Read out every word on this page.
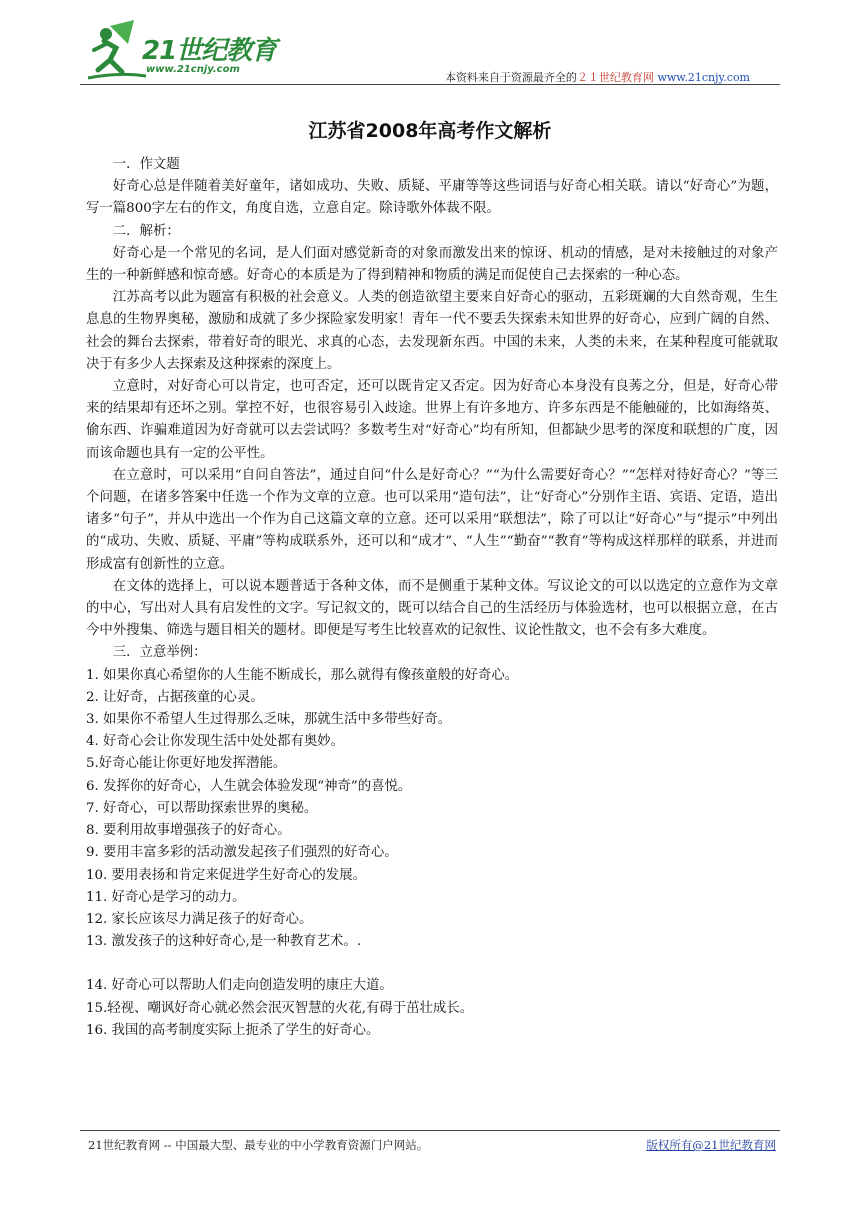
21世纪教育
www.21cnjy.com
本资料来自于资源最齐全的２１世纪教育网 www.21cnjy.com
江苏省2008年高考作文解析

一．作文题

好奇心总是伴随着美好童年，诸如成功、失败、质疑、平庸等等这些词语与好奇心相关联。请以“好奇心”为题，写一篇800字左右的作文，角度自选，立意自定。除诗歌外体裁不限。

二．解析：

好奇心是一个常见的名词，是人们面对感觉新奇的对象而激发出来的惊讶、机动的情感，是对未接触过的对象产生的一种新鲜感和惊奇感。好奇心的本质是为了得到精神和物质的满足而促使自己去探索的一种心态。

江苏高考以此为题富有积极的社会意义。人类的创造欲望主要来自好奇心的驱动，五彩斑斓的大自然奇观，生生息息的生物界奥秘，激励和成就了多少探险家发明家！青年一代不要丢失探索未知世界的好奇心，应到广阔的自然、社会的舞台去探索，带着好奇的眼光、求真的心态，去发现新东西。中国的未来，人类的未来，在某种程度可能就取决于有多少人去探索及这种探索的深度上。

立意时，对好奇心可以肯定，也可否定，还可以既肯定又否定。因为好奇心本身没有良莠之分，但是，好奇心带来的结果却有还坏之别。掌控不好，也很容易引入歧途。世界上有许多地方、许多东西是不能触碰的，比如海络英、偷东西、诈骗难道因为好奇就可以去尝试吗？多数考生对“好奇心”均有所知，但都缺少思考的深度和联想的广度，因而该命题也具有一定的公平性。

在立意时，可以采用“自问自答法”，通过自问“什么是好奇心？”“为什么需要好奇心？”“怎样对待好奇心？”等三个问题，在诸多答案中任选一个作为文章的立意。也可以采用“造句法”，让“好奇心”分别作主语、宾语、定语，造出诸多“句子”，并从中选出一个作为自己这篇文章的立意。还可以采用“联想法”，除了可以让“好奇心”与“提示”中列出的“成功、失败、质疑、平庸”等构成联系外，还可以和“成才”、“人生”“勤奋”“教育”等构成这样那样的联系，并进而形成富有创新性的立意。

在文体的选择上，可以说本题普适于各种文体，而不是侧重于某种文体。写议论文的可以以选定的立意作为文章的中心，写出对人具有启发性的文字。写记叙文的，既可以结合自己的生活经历与体验选材，也可以根据立意，在古今中外搜集、筛选与题目相关的题材。即便是写考生比较喜欢的记叙性、议论性散文，也不会有多大难度。

三．立意举例：

1. 如果你真心希望你的人生能不断成长，那么就得有像孩童般的好奇心。

2. 让好奇，占据孩童的心灵。

3. 如果你不希望人生过得那么乏味，那就生活中多带些好奇。

4. 好奇心会让你发现生活中处处都有奥妙。

5.好奇心能让你更好地发挥潜能。

6. 发挥你的好奇心，人生就会体验发现“神奇”的喜悦。

7. 好奇心，可以帮助探索世界的奥秘。

8. 要利用故事增强孩子的好奇心。

9. 要用丰富多彩的活动激发起孩子们强烈的好奇心。

10. 要用表扬和肯定来促进学生好奇心的发展。

11. 好奇心是学习的动力。

12. 家长应该尽力满足孩子的好奇心。

13. 激发孩子的这种好奇心,是一种教育艺术。.

14. 好奇心可以帮助人们走向创造发明的康庄大道。

15.轻视、嘲讽好奇心就必然会泯灭智慧的火花,有碍于茁壮成长。

16. 我国的高考制度实际上扼杀了学生的好奇心。

21世纪教育网 -- 中国最大型、最专业的中小学教育资源门户网站。	版权所有@21世纪教育网
